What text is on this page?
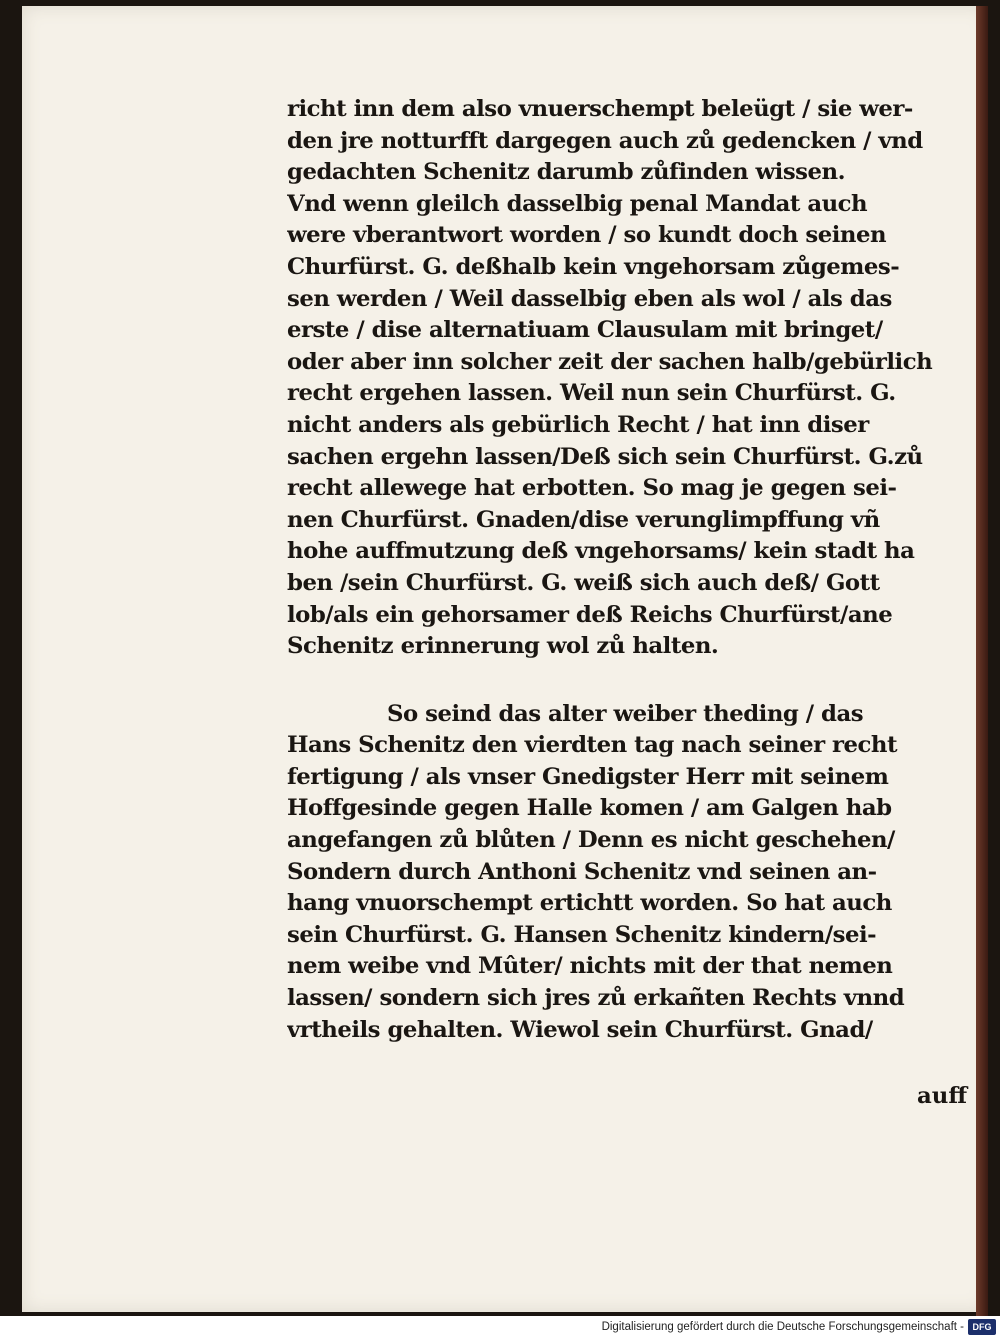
richt inn dem also vnuerschempt beleügt / sie wer-
den jre notturfft dargegen auch zů gedencken / vnd
gedachten Schenitz darumb zůfinden wissen.
Vnd wenn gleilch dasselbig penal Mandat auch
were vberantwort worden / so kundt doch seinen
Churfürst. G. deßhalb kein vngehorsam zůgemes-
sen werden / Weil dasselbig eben als wol / als das
erste / dise alternatiuam Clausulam mit bringet/
oder aber inn solcher zeit der sachen halb/gebürlich
recht ergehen lassen. Weil nun sein Churfürst. G.
nicht anders als gebürlich Recht / hat inn diser
sachen ergehn lassen/Deß sich sein Churfürst. G.zů
recht allewege hat erbotten. So mag je gegen sei-
nen Churfürst. Gnaden/dise verunglimpffung vñ
hohe auffmutzung deß vngehorsams/ kein stadt ha
ben /sein Churfürst. G. weiß sich auch deß/ Gott
lob/als ein gehorsamer deß Reichs Churfürst/ane
Schenitz erinnerung wol zů halten.
So seind das alter weiber theding / das
Hans Schenitz den vierdten tag nach seiner recht
fertigung / als vnser Gnedigster Herr mit seinem
Hoffgesinde gegen Halle komen / am Galgen hab
angefangen zů blůten / Denn es nicht geschehen/
Sondern durch Anthoni Schenitz vnd seinen an-
hang vnuorschempt ertichtt worden. So hat auch
sein Churfürst. G. Hansen Schenitz kindern/sei-
nem weibe vnd Mûter/ nichts mit der that nemen
lassen/ sondern sich jres zů erkañten Rechts vnnd
vrtheils gehalten. Wiewol sein Churfürst. Gnad/
auff
Digitalisierung gefördert durch die Deutsche Forschungsgemeinschaft - DFG
